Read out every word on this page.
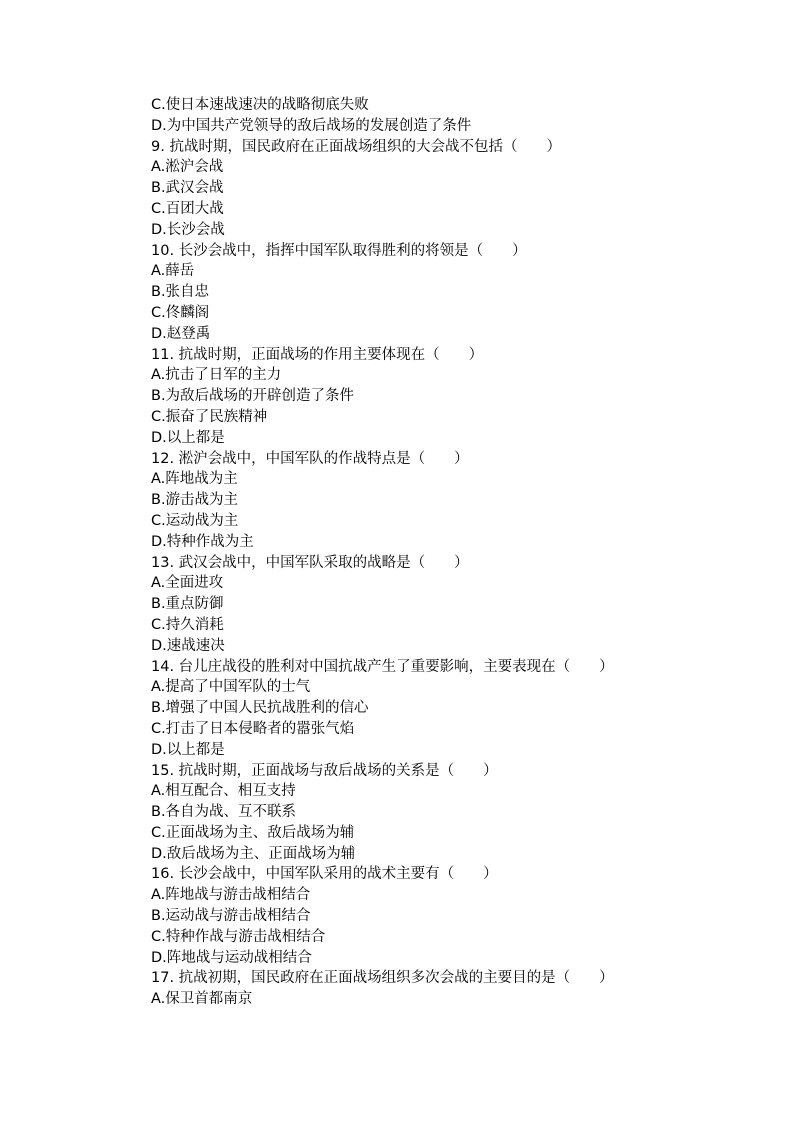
C.使日本速战速决的战略彻底失败
D.为中国共产党领导的敌后战场的发展创造了条件
9. 抗战时期，国民政府在正面战场组织的大会战不包括（　　）
A.淞沪会战
B.武汉会战
C.百团大战
D.长沙会战
10. 长沙会战中，指挥中国军队取得胜利的将领是（　　）
A.薛岳
B.张自忠
C.佟麟阁
D.赵登禹
11. 抗战时期，正面战场的作用主要体现在（　　）
A.抗击了日军的主力
B.为敌后战场的开辟创造了条件
C.振奋了民族精神
D.以上都是
12. 淞沪会战中，中国军队的作战特点是（　　）
A.阵地战为主
B.游击战为主
C.运动战为主
D.特种作战为主
13. 武汉会战中，中国军队采取的战略是（　　）
A.全面进攻
B.重点防御
C.持久消耗
D.速战速决
14. 台儿庄战役的胜利对中国抗战产生了重要影响，主要表现在（　　）
A.提高了中国军队的士气
B.增强了中国人民抗战胜利的信心
C.打击了日本侵略者的嚣张气焰
D.以上都是
15. 抗战时期，正面战场与敌后战场的关系是（　　）
A.相互配合、相互支持
B.各自为战、互不联系
C.正面战场为主、敌后战场为辅
D.敌后战场为主、正面战场为辅
16. 长沙会战中，中国军队采用的战术主要有（　　）
A.阵地战与游击战相结合
B.运动战与游击战相结合
C.特种作战与游击战相结合
D.阵地战与运动战相结合
17. 抗战初期，国民政府在正面战场组织多次会战的主要目的是（　　）
A.保卫首都南京
